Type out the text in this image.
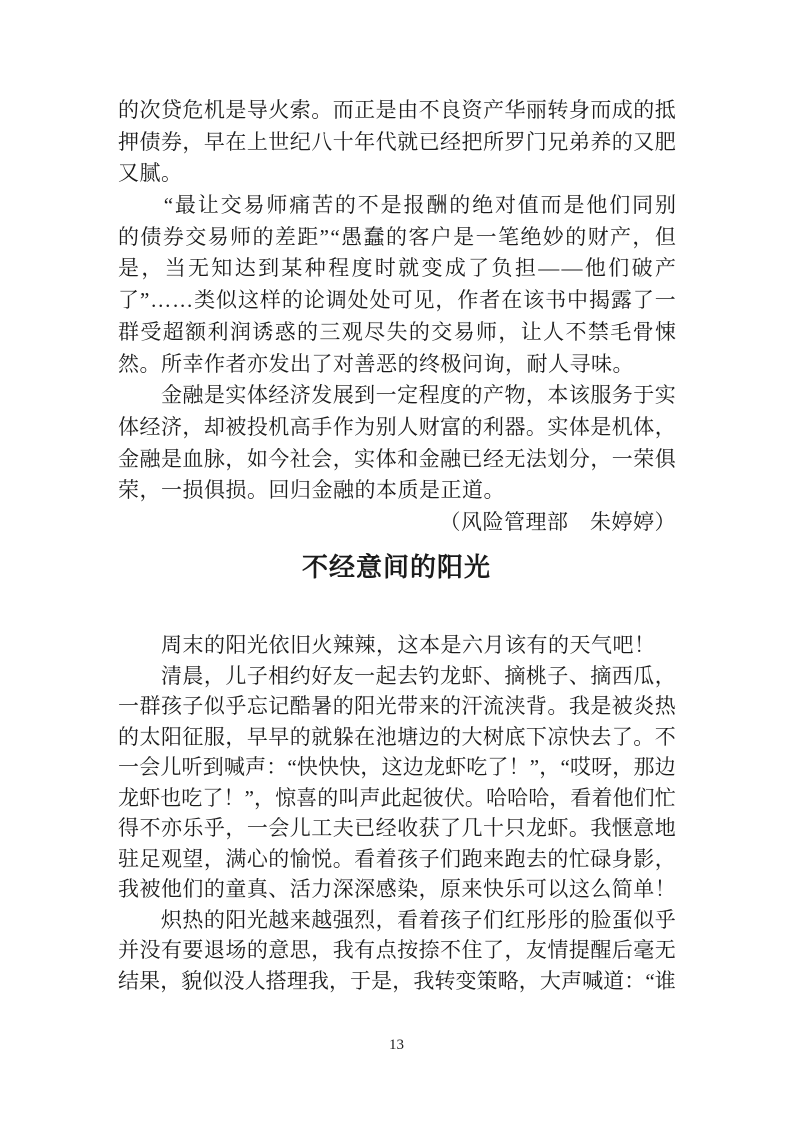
的 次 贷 危 机 是 导 火 索 。 而 正 是 由 不 良 资 产 华 丽 转 身 而 成 的 抵
押 债 券 ， 早 在 上 世 纪 八 十 年 代 就 已 经 把 所 罗 门 兄 弟 养 的 又 肥
又腻。

“ 最 让 交 易 师 痛 苦 的 不 是 报 酬 的 绝 对 值 而 是 他 们 同 别
的 债 券 交 易 师 的 差 距 ” “ 愚 蠢 的 客 户 是 一 笔 绝 妙 的 财 产 ， 但
是 ， 当 无 知 达 到 某 种 程 度 时 就 变 成 了 负 担 — — 他 们 破 产
了 ” … … 类 似 这 样 的 论 调 处 处 可 见 ， 作 者 在 该 书 中 揭 露 了 一
群 受 超 额 利 润 诱 惑 的 三 观 尽 失 的 交 易 师 ， 让 人 不 禁 毛 骨 悚
然。所幸作者亦发出了对善恶的终极问询，耐人寻味。

金 融 是 实 体 经 济 发 展 到 一 定 程 度 的 产 物 ， 本 该 服 务 于 实
体 经 济 ， 却 被 投 机 高 手 作 为 别 人 财 富 的 利 器 。 实 体 是 机 体 ，
金 融 是 血 脉 ， 如 今 社 会 ， 实 体 和 金 融 已 经 无 法 划 分 ， 一 荣 俱
荣，一损俱损。回归金融的本质是正道。
（风险管理部　朱婷婷）
不经意间的阳光
　　周末的阳光依旧火辣辣，这本是六月该有的天气吧！

清 晨 ， 儿 子 相 约 好 友 一 起 去 钓 龙 虾 、 摘 桃 子 、 摘 西 瓜 ，
一 群 孩 子 似 乎 忘 记 酷 暑 的 阳 光 带 来 的 汗 流 浃 背 。 我 是 被 炎 热
的 太 阳 征 服 ， 早 早 的 就 躲 在 池 塘 边 的 大 树 底 下 凉 快 去 了 。 不
一 会 儿 听 到 喊 声 ： “ 快 快 快 ， 这 边 龙 虾 吃 了 ！ ” ， “ 哎 呀 ， 那 边
龙 虾 也 吃 了 ！ ” ， 惊 喜 的 叫 声 此 起 彼 伏 。 哈 哈 哈 ， 看 着 他 们 忙
得 不 亦 乐 乎 ， 一 会 儿 工 夫 已 经 收 获 了 几 十 只 龙 虾 。 我 惬 意 地
驻 足 观 望 ， 满 心 的 愉 悦 。 看 着 孩 子 们 跑 来 跑 去 的 忙 碌 身 影 ，
我 被 他 们 的 童 真 、 活 力 深 深 感 染 ， 原 来 快 乐 可 以 这 么 简 单 ！

炽 热 的 阳 光 越 来 越 强 烈 ， 看 着 孩 子 们 红 彤 彤 的 脸 蛋 似 乎
并 没 有 要 退 场 的 意 思 ， 我 有 点 按 捺 不 住 了 ， 友 情 提 醒 后 毫 无
结 果 ， 貌 似 没 人 搭 理 我 ， 于 是 ， 我 转 变 策 略 ， 大 声 喊 道 ： “ 谁
13
